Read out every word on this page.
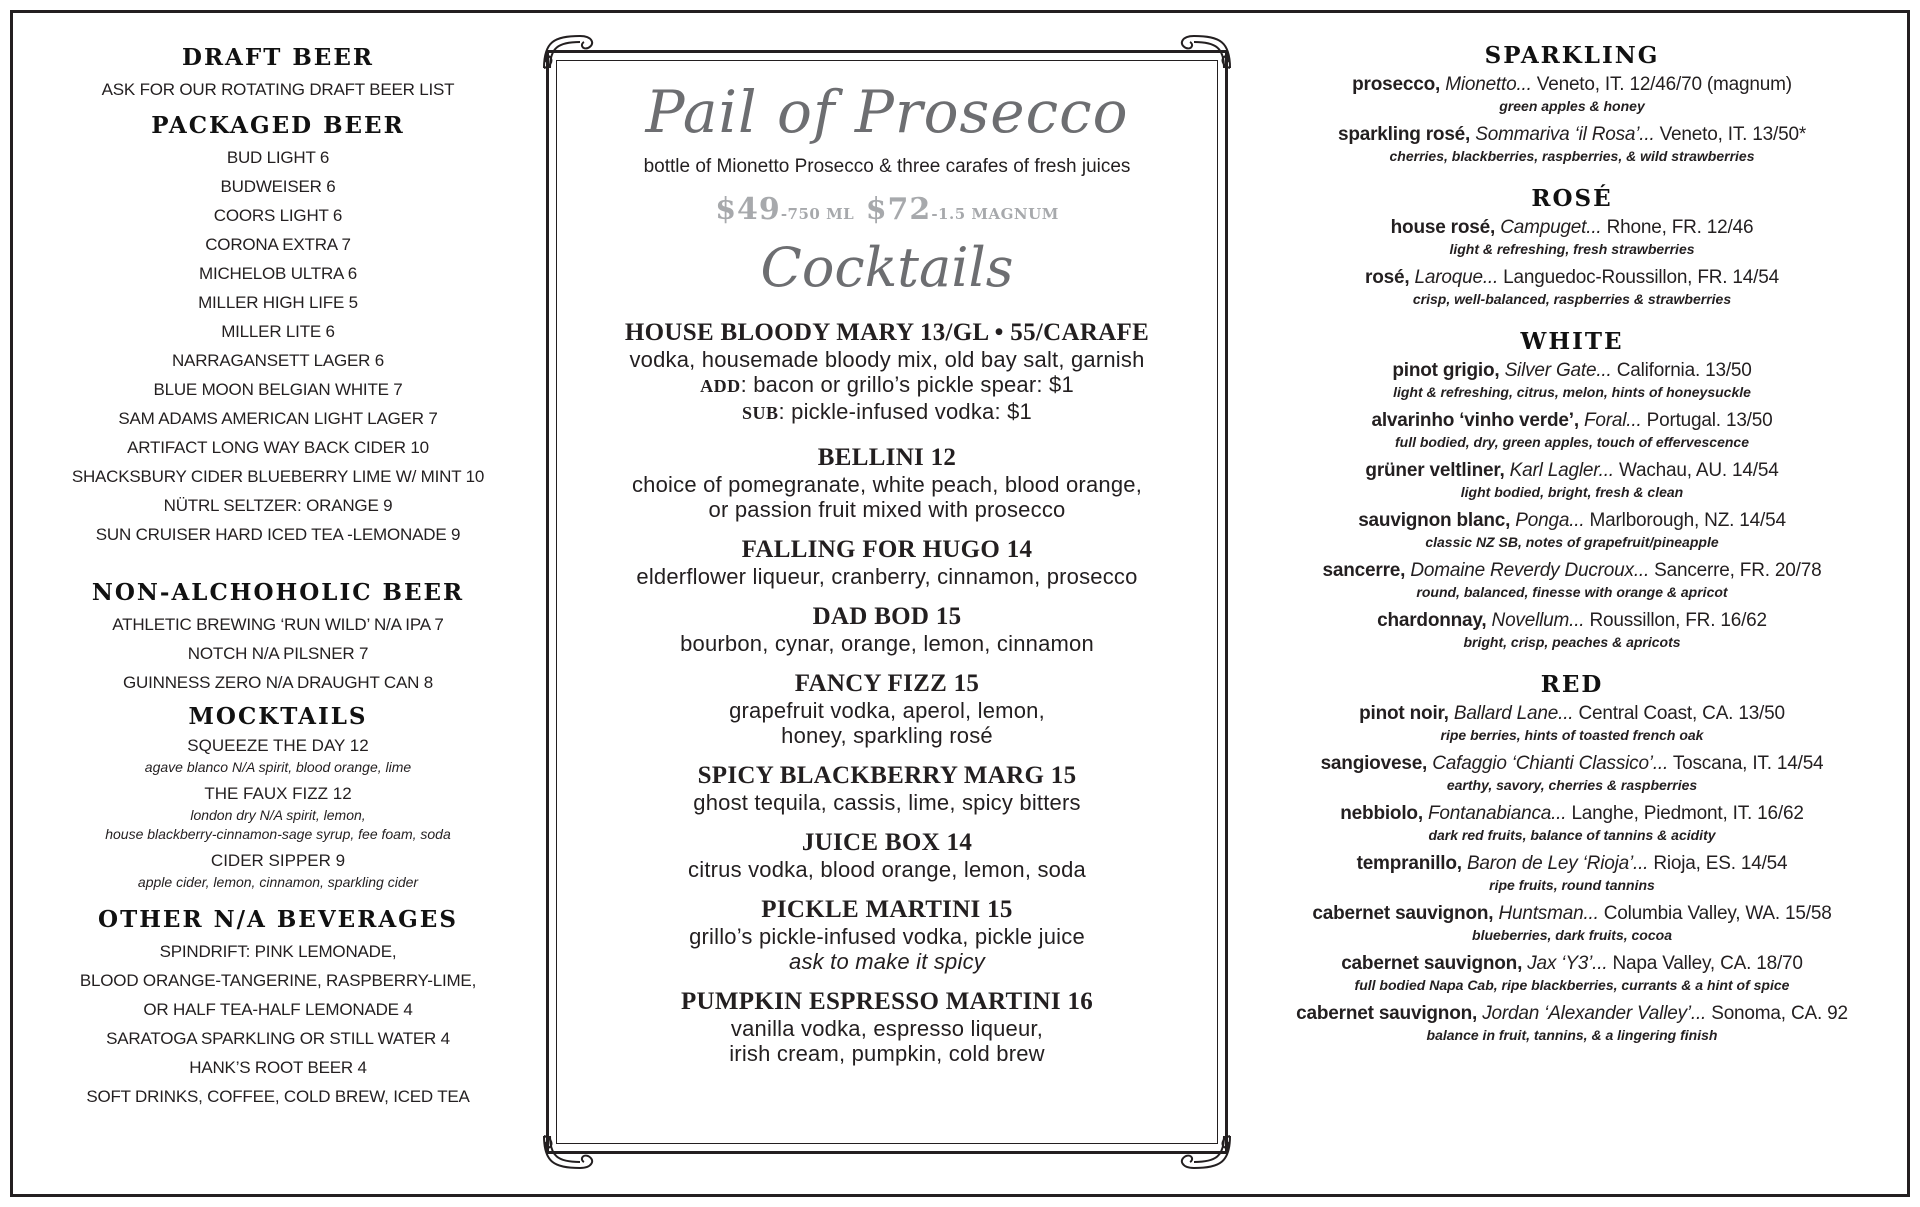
DRAFT BEER
ASK FOR OUR ROTATING DRAFT BEER LIST
PACKAGED BEER
BUD LIGHT 6
BUDWEISER 6
COORS LIGHT 6
CORONA EXTRA 7
MICHELOB ULTRA 6
MILLER HIGH LIFE 5
MILLER LITE 6
NARRAGANSETT LAGER 6
BLUE MOON BELGIAN WHITE 7
SAM ADAMS AMERICAN LIGHT LAGER 7
ARTIFACT LONG WAY BACK CIDER 10
SHACKSBURY CIDER BLUEBERRY LIME W/ MINT 10
NÜTRL SELTZER: ORANGE 9
SUN CRUISER HARD ICED TEA -LEMONADE 9
NON-ALCHOHOLIC BEER
ATHLETIC BREWING ‘RUN WILD’ N/A IPA 7
NOTCH N/A PILSNER 7
GUINNESS ZERO N/A DRAUGHT CAN 8
MOCKTAILS
SQUEEZE THE DAY 12
agave blanco N/A spirit, blood orange, lime
THE FAUX FIZZ 12
london dry N/A spirit, lemon,
house blackberry-cinnamon-sage syrup, fee foam, soda
CIDER SIPPER 9
apple cider, lemon, cinnamon, sparkling cider
OTHER N/A BEVERAGES
SPINDRIFT: PINK LEMONADE,
BLOOD ORANGE-TANGERINE, RASPBERRY-LIME,
OR HALF TEA-HALF LEMONADE 4
SARATOGA SPARKLING OR STILL WATER 4
HANK’S ROOT BEER 4
SOFT DRINKS, COFFEE, COLD BREW, ICED TEA
Pail of Prosecco
bottle of Mionetto Prosecco & three carafes of fresh juices
$49-750 ML $72-1.5 MAGNUM
Cocktails
HOUSE BLOODY MARY 13/GL • 55/CARAFE
vodka, housemade bloody mix, old bay salt, garnish
ADD: bacon or grillo’s pickle spear: $1
SUB: pickle-infused vodka: $1
BELLINI 12
choice of pomegranate, white peach, blood orange,
or passion fruit mixed with prosecco
FALLING FOR HUGO 14
elderflower liqueur, cranberry, cinnamon, prosecco
DAD BOD 15
bourbon, cynar, orange, lemon, cinnamon
FANCY FIZZ 15
grapefruit vodka, aperol, lemon,
honey, sparkling rosé
SPICY BLACKBERRY MARG 15
ghost tequila, cassis, lime, spicy bitters
JUICE BOX 14
citrus vodka, blood orange, lemon, soda
PICKLE MARTINI 15
grillo’s pickle-infused vodka, pickle juice
ask to make it spicy
PUMPKIN ESPRESSO MARTINI 16
vanilla vodka, espresso liqueur,
irish cream, pumpkin, cold brew
SPARKLING
prosecco, Mionetto... Veneto, IT. 12/46/70 (magnum)
green apples & honey
sparkling rosé, Sommariva ‘il Rosa’... Veneto, IT. 13/50*
cherries, blackberries, raspberries, & wild strawberries
ROSÉ
house rosé, Campuget... Rhone, FR. 12/46
light & refreshing, fresh strawberries
rosé, Laroque... Languedoc-Roussillon, FR. 14/54
crisp, well-balanced, raspberries & strawberries
WHITE
pinot grigio, Silver Gate... California. 13/50
light & refreshing, citrus, melon, hints of honeysuckle
alvarinho ‘vinho verde’, Foral... Portugal. 13/50
full bodied, dry, green apples, touch of effervescence
grüner veltliner, Karl Lagler... Wachau, AU. 14/54
light bodied, bright, fresh & clean
sauvignon blanc, Ponga... Marlborough, NZ. 14/54
classic NZ SB, notes of grapefruit/pineapple
sancerre, Domaine Reverdy Ducroux... Sancerre, FR. 20/78
round, balanced, finesse with orange & apricot
chardonnay, Novellum... Roussillon, FR. 16/62
bright, crisp, peaches & apricots
RED
pinot noir, Ballard Lane... Central Coast, CA. 13/50
ripe berries, hints of toasted french oak
sangiovese, Cafaggio ‘Chianti Classico’... Toscana, IT. 14/54
earthy, savory, cherries & raspberries
nebbiolo, Fontanabianca... Langhe, Piedmont, IT. 16/62
dark red fruits, balance of tannins & acidity
tempranillo, Baron de Ley ‘Rioja’... Rioja, ES. 14/54
ripe fruits, round tannins
cabernet sauvignon, Huntsman... Columbia Valley, WA. 15/58
blueberries, dark fruits, cocoa
cabernet sauvignon, Jax ‘Y3’... Napa Valley, CA. 18/70
full bodied Napa Cab, ripe blackberries, currants & a hint of spice
cabernet sauvignon, Jordan ‘Alexander Valley’... Sonoma, CA. 92
balance in fruit, tannins, & a lingering finish
